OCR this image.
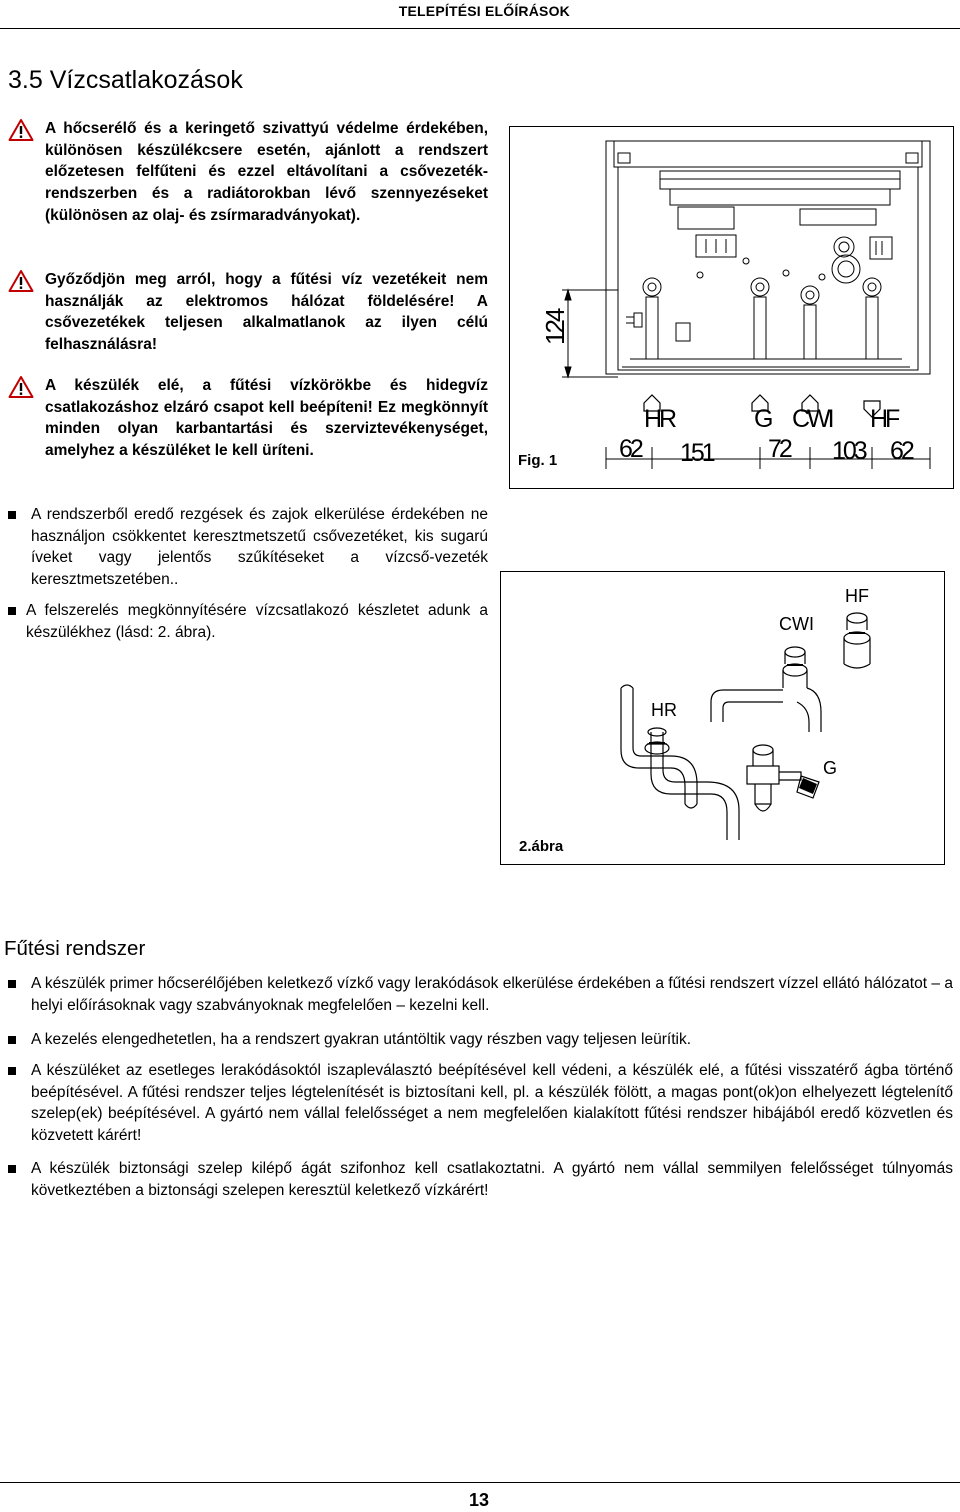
TELEPÍTÉSI ELŐÍRÁSOK
3.5 Vízcsatlakozások
A hőcserélő és a keringető szivattyú védelme érdekében, különösen készülékcsere esetén, ajánlott a rendszert előzetesen felfűteni és ezzel eltávolítani a csővezeték-rendszerben és a radiátorokban lévő szennyezéseket (különösen az olaj- és zsírmaradványokat).
Győződjön meg arról, hogy a fűtési víz vezetékeit nem használják az elektromos hálózat földelésére! A csővezetékek teljesen alkalmatlanok az ilyen célú felhasználásra!
A készülék elé, a fűtési vízkörökbe és hidegvíz csatlakozáshoz elzáró csapot kell beépíteni! Ez megkönnyít minden olyan karbantartási és szerviztevékenységet, amelyhez a készüléket le kell üríteni.
A rendszerből eredő rezgések és zajok elkerülése érdekében ne használjon csökkentet keresztmetszetű csővezetéket, kis sugarú íveket vagy jelentős szűkítéseket a vízcső-vezeték keresztmetszetében..
A felszerelés megkönnyítésére vízcsatlakozó készletet adunk a készülékhez (lásd: 2. ábra).
124
HR	G CWI HF
62 151 72 103 62
Fig. 1
HF
CWI
HR
G
2.ábra
Fűtési rendszer
A készülék primer hőcserélőjében keletkező vízkő vagy lerakódások elkerülése érdekében a fűtési rendszert vízzel ellátó hálózatot – a helyi előírásoknak vagy szabványoknak megfelelően – kezelni kell.
A kezelés elengedhetetlen, ha a rendszert gyakran utántöltik vagy részben vagy teljesen leürítik.
A készüléket az esetleges lerakódásoktól iszapleválasztó beépítésével kell védeni, a készülék elé, a fűtési visszatérő ágba történő beépítésével. A fűtési rendszer teljes légtelenítését is biztosítani kell, pl. a készülék fölött, a magas pont(ok)on elhelyezett légtelenítő szelep(ek) beépítésével. A gyártó nem vállal felelősséget a nem megfelelően kialakított fűtési rendszer hibájából eredő közvetlen és közvetett kárért!
A készülék biztonsági szelep kilépő ágát szifonhoz kell csatlakoztatni. A gyártó nem vállal semmilyen felelősséget túlnyomás következtében a biztonsági szelepen keresztül keletkező vízkárért!
13
